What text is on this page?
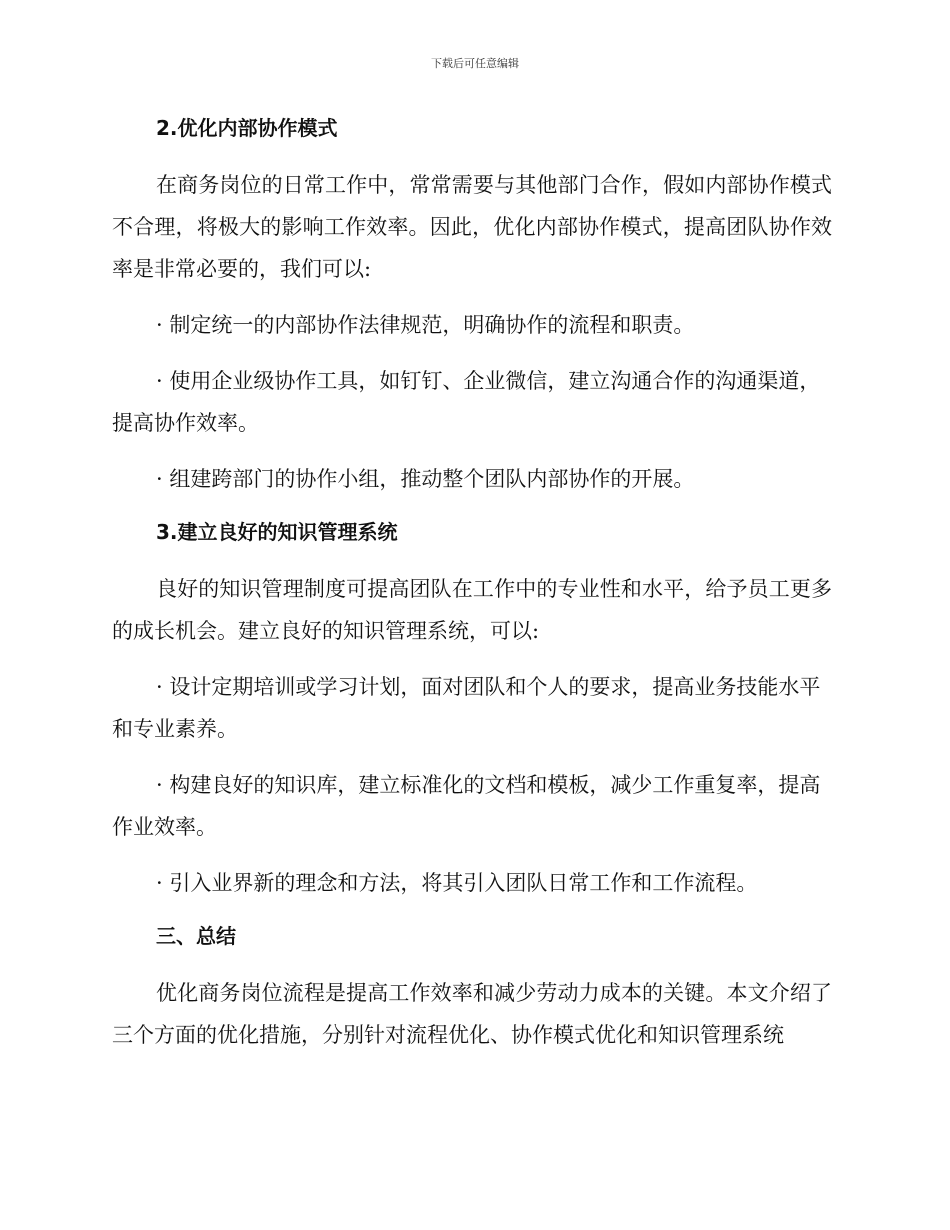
下载后可任意编辑
2.优化内部协作模式

在商务岗位的日常工作中，常常需要与其他部门合作，假如内部协作模式不合理，将极大的影响工作效率。因此，优化内部协作模式，提高团队协作效率是非常必要的，我们可以:

· 制定统一的内部协作法律规范，明确协作的流程和职责。

· 使用企业级协作工具，如钉钉、企业微信，建立沟通合作的沟通渠道，提高协作效率。

· 组建跨部门的协作小组，推动整个团队内部协作的开展。

3.建立良好的知识管理系统

良好的知识管理制度可提高团队在工作中的专业性和水平，给予员工更多的成长机会。建立良好的知识管理系统，可以:

· 设计定期培训或学习计划，面对团队和个人的要求，提高业务技能水平和专业素养。

· 构建良好的知识库，建立标准化的文档和模板，减少工作重复率，提高作业效率。

· 引入业界新的理念和方法，将其引入团队日常工作和工作流程。

三、总结

优化商务岗位流程是提高工作效率和减少劳动力成本的关键。本文介绍了三个方面的优化措施，分别针对流程优化、协作模式优化和知识管理系统
